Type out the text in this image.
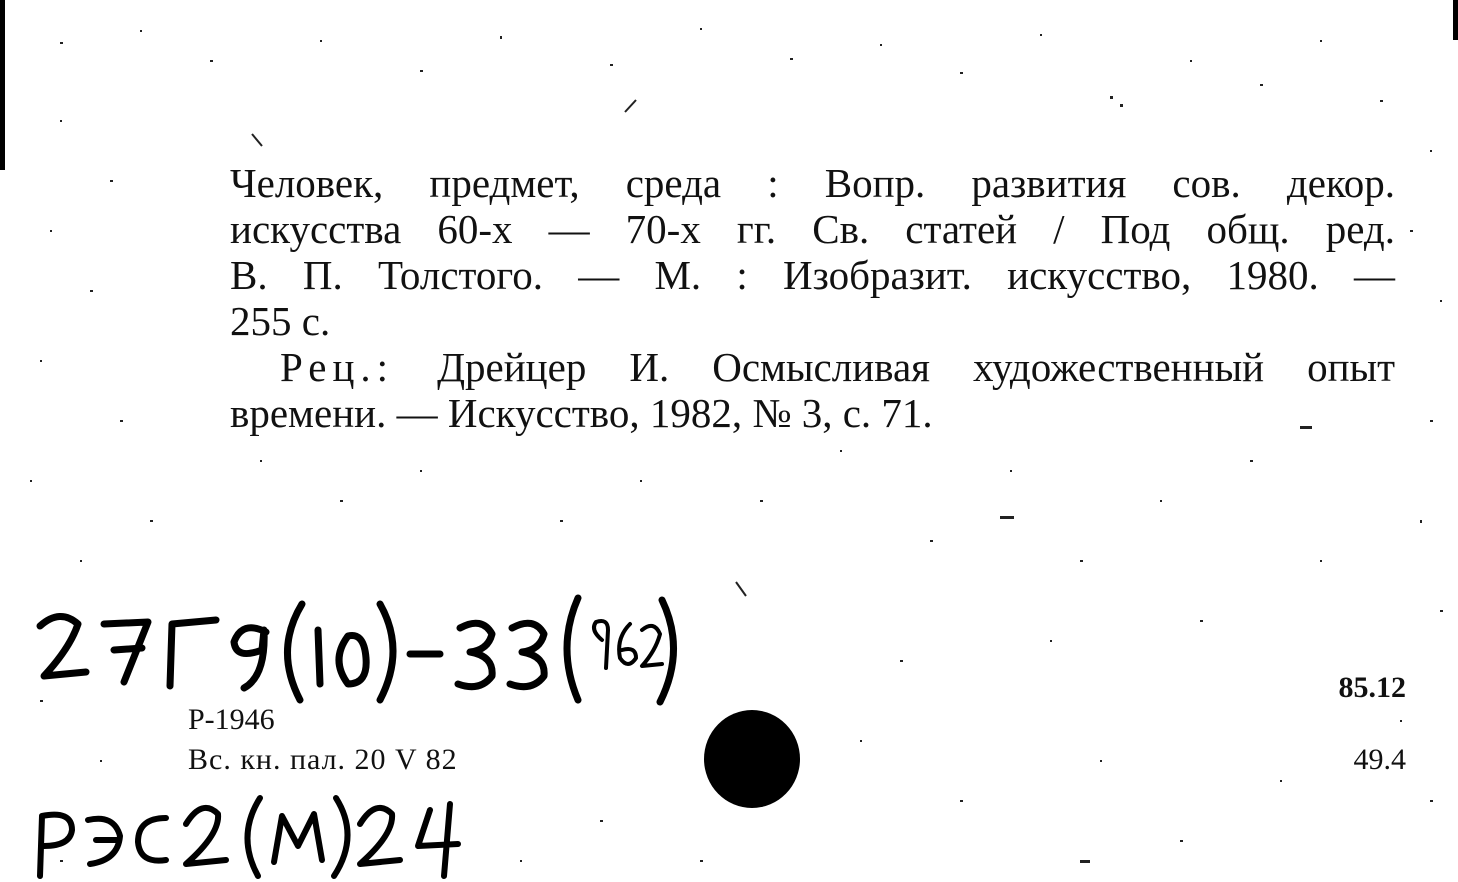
Человек, предмет, среда : Вопр. развития сов. декор.
искусства 60-х — 70-х гг. Св. статей / Под общ. ред.
В. П. Толстого. — М. : Изобразит. искусство, 1980. —
255 с.
Рец.: Дрейцер И. Осмысливая художественный опыт
времени. — Искусство, 1982, № 3, с. 71.
Р-1946
Вс. кн. пал. 20 V 82
85.12
49.4
